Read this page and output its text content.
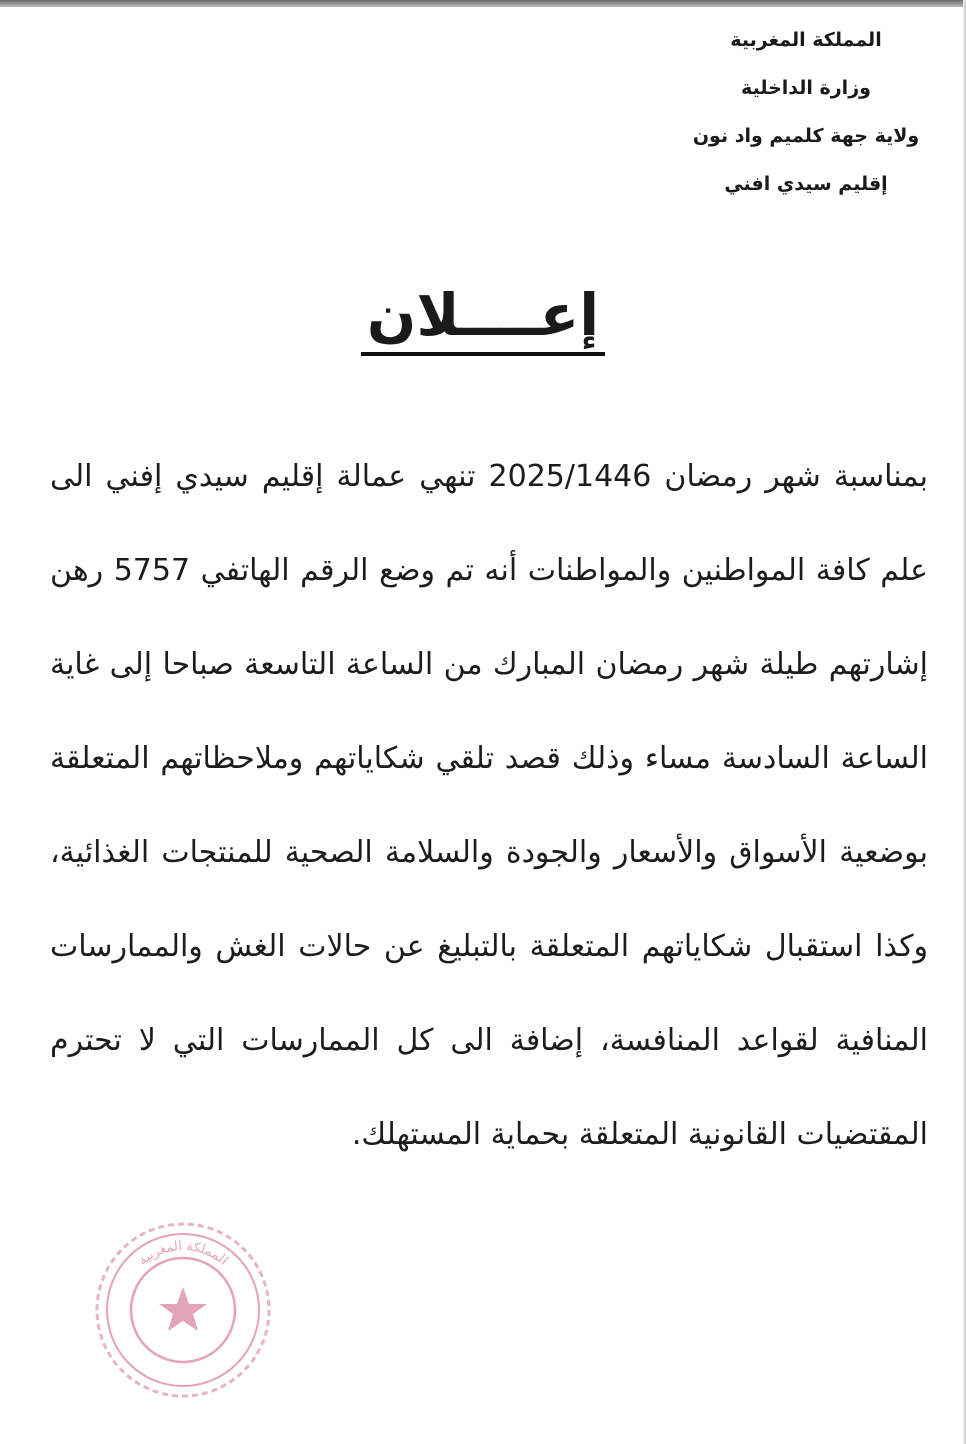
المملكة المغربية
وزارة الداخلية
ولاية جهة كلميم واد نون
إقليم سيدي افني
إعــــلان
بمناسبة شهر رمضان 2025/1446 تنهي عمالة إقليم سيدي إفني الى علم كافة المواطنين والمواطنات أنه تم وضع الرقم الهاتفي 5757 رهن إشارتهم طيلة شهر رمضان المبارك من الساعة التاسعة صباحا إلى غاية الساعة السادسة مساء وذلك قصد تلقي شكاياتهم وملاحظاتهم المتعلقة بوضعية الأسواق والأسعار والجودة والسلامة الصحية للمنتجات الغذائية، وكذا استقبال شكاياتهم المتعلقة بالتبليغ عن حالات الغش والممارسات المنافية لقواعد المنافسة، إضافة الى كل الممارسات التي لا تحترم المقتضيات القانونية المتعلقة بحماية المستهلك.
المملكة المغربية
